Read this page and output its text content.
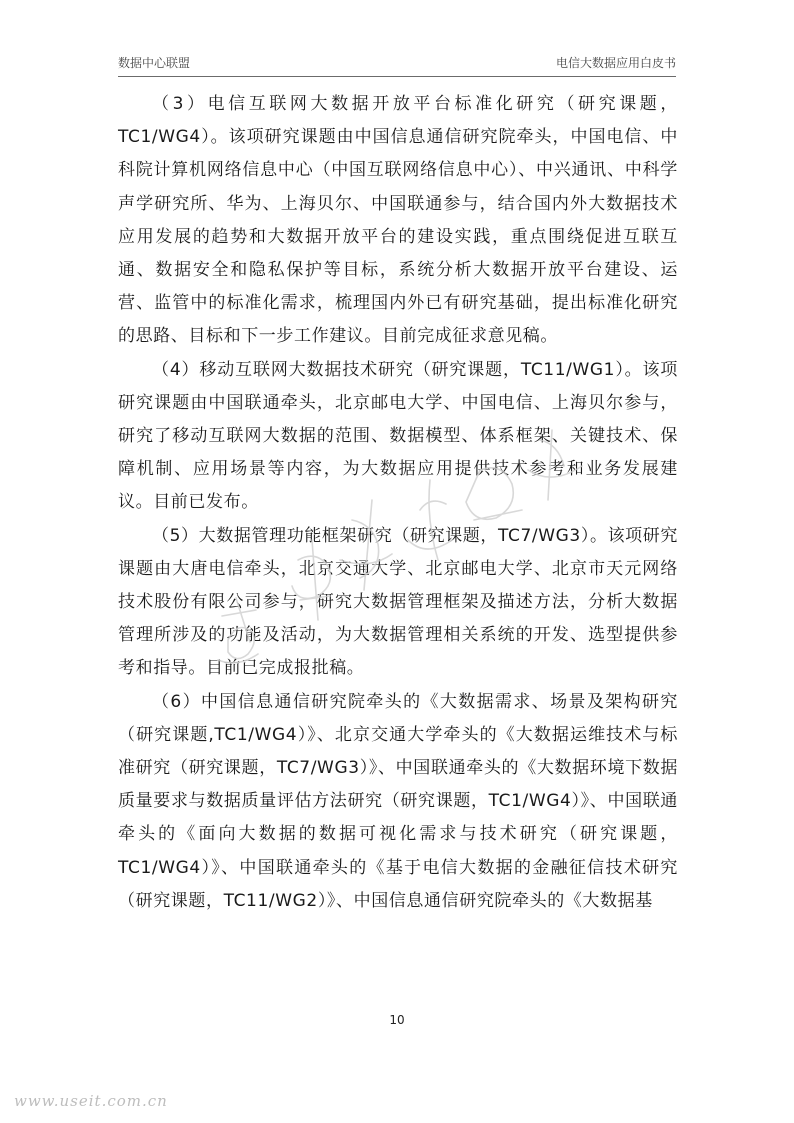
数据中心联盟	电信大数据应用白皮书

（3）电信互联网大数据开放平台标准化研究（研究课题，TC1/WG4）。该项研究课题由中国信息通信研究院牵头，中国电信、中科院计算机网络信息中心（中国互联网络信息中心）、中兴通讯、中科学声学研究所、华为、上海贝尔、中国联通参与，结合国内外大数据技术应用发展的趋势和大数据开放平台的建设实践，重点围绕促进互联互通、数据安全和隐私保护等目标，系统分析大数据开放平台建设、运营、监管中的标准化需求，梳理国内外已有研究基础，提出标准化研究的思路、目标和下一步工作建议。目前完成征求意见稿。

（4）移动互联网大数据技术研究（研究课题，TC11/WG1）。该项研究课题由中国联通牵头，北京邮电大学、中国电信、上海贝尔参与，研究了移动互联网大数据的范围、数据模型、体系框架、关键技术、保障机制、应用场景等内容，为大数据应用提供技术参考和业务发展建议。目前已发布。

（5）大数据管理功能框架研究（研究课题，TC7/WG3）。该项研究课题由大唐电信牵头，北京交通大学、北京邮电大学、北京市天元网络技术股份有限公司参与，研究大数据管理框架及描述方法，分析大数据管理所涉及的功能及活动，为大数据管理相关系统的开发、选型提供参考和指导。目前已完成报批稿。

（6）中国信息通信研究院牵头的《大数据需求、场景及架构研究（研究课题,TC1/WG4）》、北京交通大学牵头的《大数据运维技术与标准研究（研究课题，TC7/WG3）》、中国联通牵头的《大数据环境下数据质量要求与数据质量评估方法研究（研究课题，TC1/WG4）》、中国联通牵头的《面向大数据的数据可视化需求与技术研究（研究课题，TC1/WG4）》、中国联通牵头的《基于电信大数据的金融征信技术研究（研究课题，TC11/WG2）》、中国信息通信研究院牵头的《大数据基

10
www.useit.com.cn
